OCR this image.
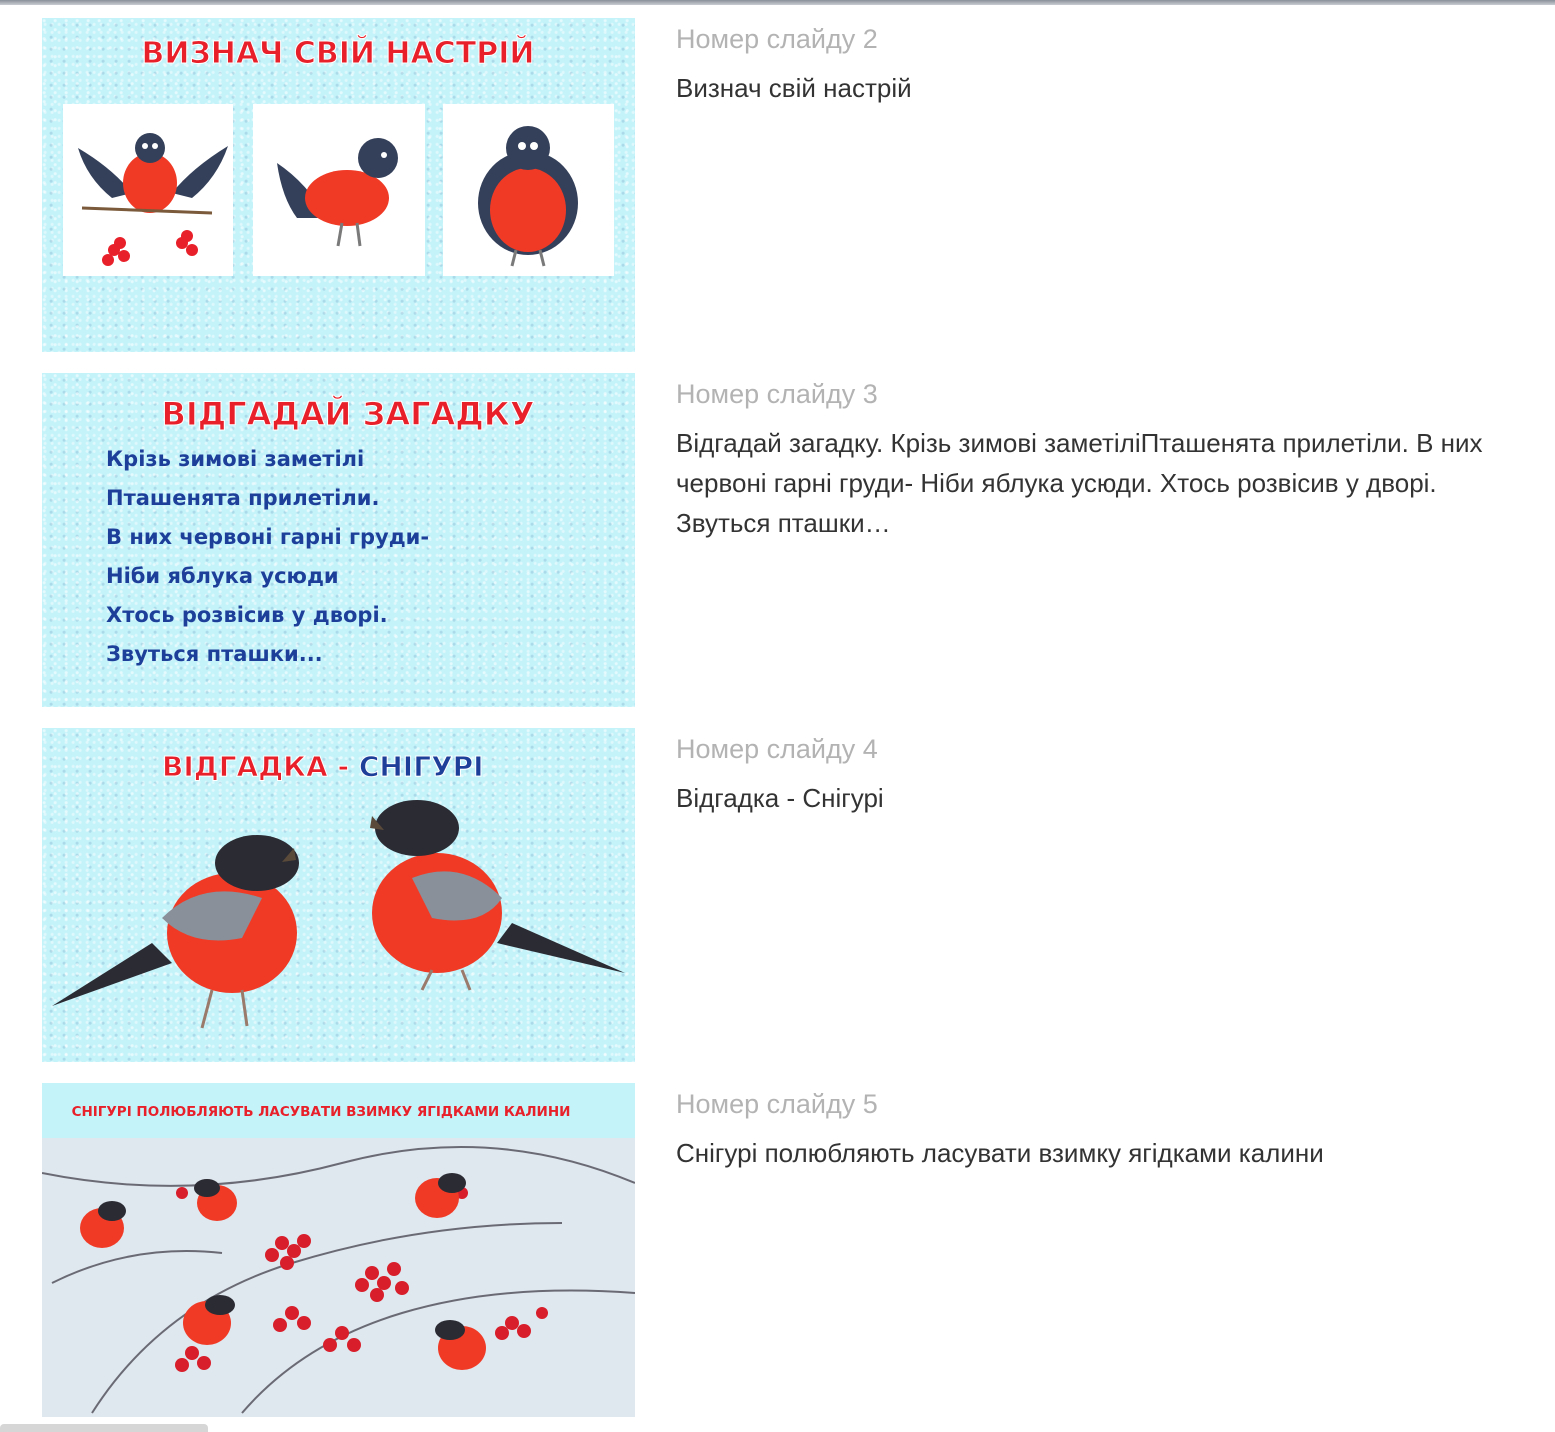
ВИЗНАЧ СВІЙ НАСТРІЙ	Номер слайду 2
Визнач свій настрій
ВІДГАДАЙ ЗАГАДКУ
Крізь зимові заметілі
Пташенята прилетіли.
В них червоні гарні груди-
Ніби яблука усюди
Хтось розвісив у дворі.
Звуться пташки...
Номер слайду 3
Відгадай загадку. Крізь зимові заметіліПташенята прилетіли. В них червоні гарні груди- Ніби яблука усюди. Хтось розвісив у дворі. Звуться пташки…
ВІДГАДКА - СНІГУРІ
Номер слайду 4
Відгадка - Снігурі
СНІГУРІ ПОЛЮБЛЯЮТЬ ЛАСУВАТИ ВЗИМКУ ЯГІДКАМИ КАЛИНИ	Номер слайду 5
Снігурі полюбляють ласувати взимку ягідками калини
